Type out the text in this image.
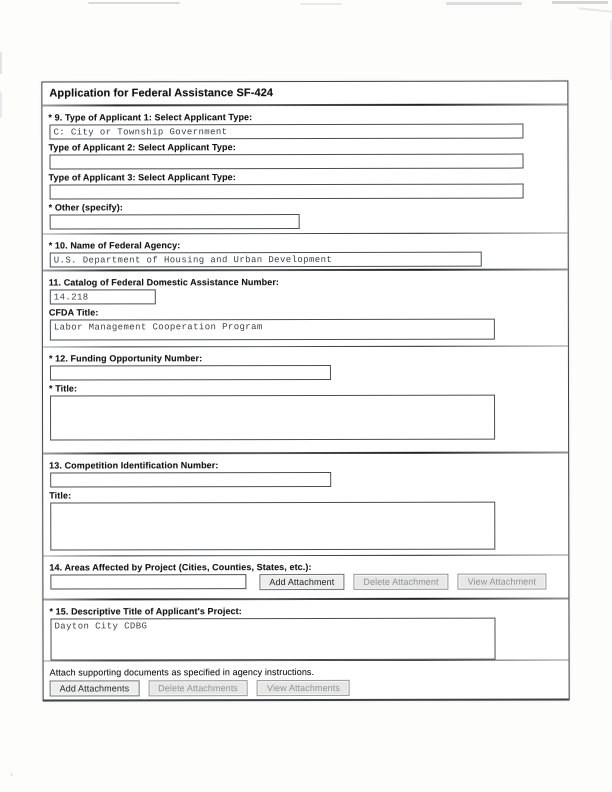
'
Application for Federal Assistance SF-424
* 9. Type of Applicant 1: Select Applicant Type:
C: City or Township Government
Type of Applicant 2: Select Applicant Type:
Type of Applicant 3: Select Applicant Type:
* Other (specify):
* 10. Name of Federal Agency:
U.S. Department of Housing and Urban Development
11. Catalog of Federal Domestic Assistance Number:
14.218
CFDA Title:
Labor Management Cooperation Program
* 12. Funding Opportunity Number:
* Title:
13. Competition Identification Number:
Title:
14. Areas Affected by Project (Cities, Counties, States, etc.):
Add Attachment	Delete Attachment	View Attachment
* 15. Descriptive Title of Applicant's Project:
Dayton City CDBG
Attach supporting documents as specified in agency instructions.
Add Attachments	Delete Attachments	View Attachments
